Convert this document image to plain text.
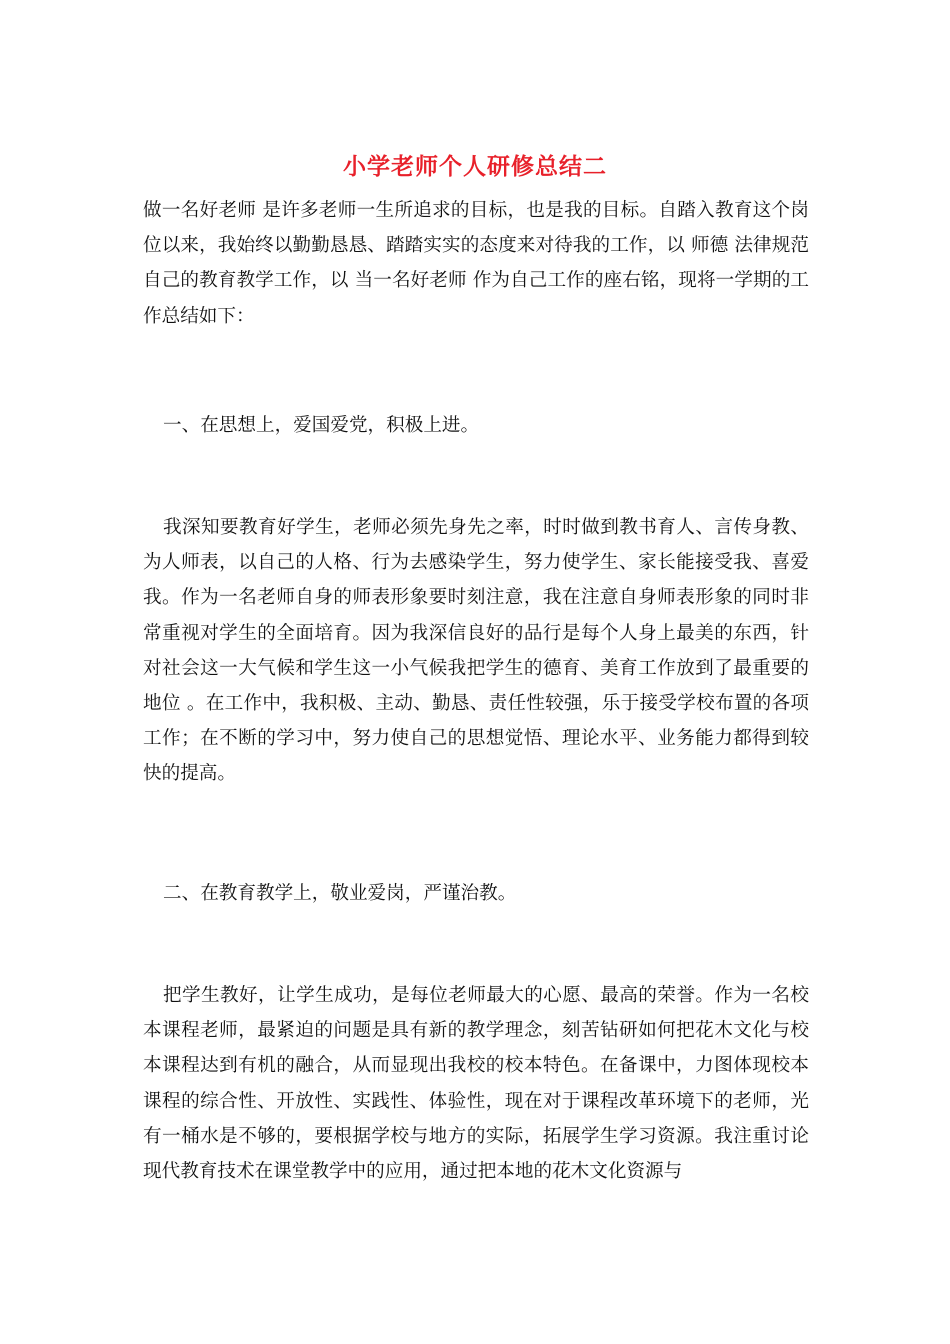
小学老师个人研修总结二

做一名好老师 是许多老师一生所追求的目标，也是我的目标。自踏入教育这个岗位以来，我始终以勤勤恳恳、踏踏实实的态度来对待我的工作，以 师德 法律规范自己的教育教学工作，以 当一名好老师 作为自己工作的座右铭，现将一学期的工作总结如下：

一、在思想上，爱国爱党，积极上进。

我深知要教育好学生，老师必须先身先之率，时时做到教书育人、言传身教、为人师表，以自己的人格、行为去感染学生，努力使学生、家长能接受我、喜爱我。作为一名老师自身的师表形象要时刻注意，我在注意自身师表形象的同时非常重视对学生的全面培育。因为我深信良好的品行是每个人身上最美的东西，针对社会这一大气候和学生这一小气候我把学生的德育、美育工作放到了最重要的地位 。在工作中，我积极、主动、勤恳、责任性较强，乐于接受学校布置的各项工作；在不断的学习中，努力使自己的思想觉悟、理论水平、业务能力都得到较快的提高。

二、在教育教学上，敬业爱岗，严谨治教。

把学生教好，让学生成功，是每位老师最大的心愿、最高的荣誉。作为一名校本课程老师，最紧迫的问题是具有新的教学理念，刻苦钻研如何把花木文化与校本课程达到有机的融合，从而显现出我校的校本特色。在备课中，力图体现校本课程的综合性、开放性、实践性、体验性，现在对于课程改革环境下的老师，光有一桶水是不够的，要根据学校与地方的实际，拓展学生学习资源。我注重讨论现代教育技术在课堂教学中的应用，通过把本地的花木文化资源与
